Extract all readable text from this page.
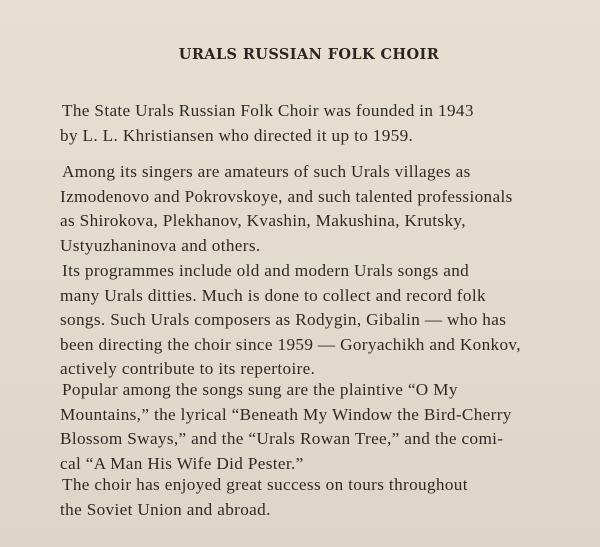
URALS RUSSIAN FOLK CHOIR

The State Urals Russian Folk Choir was founded in 1943
by L. L. Khristiansen who directed it up to 1959.

Among its singers are amateurs of such Urals villages as
Izmodenovo and Pokrovskoye, and such talented professionals
as Shirokova, Plekhanov, Kvashin, Makushina, Krutsky,
Ustyuzhaninova and others.

Its programmes include old and modern Urals songs and
many Urals ditties. Much is done to collect and record folk
songs. Such Urals composers as Rodygin, Gibalin — who has
been directing the choir since 1959 — Goryachikh and Konkov,
actively contribute to its repertoire.

Popular among the songs sung are the plaintive “O My
Mountains,” the lyrical “Beneath My Window the Bird-Cherry
Blossom Sways,” and the “Urals Rowan Tree,” and the comi-
cal “A Man His Wife Did Pester.”

The choir has enjoyed great success on tours throughout
the Soviet Union and abroad.
